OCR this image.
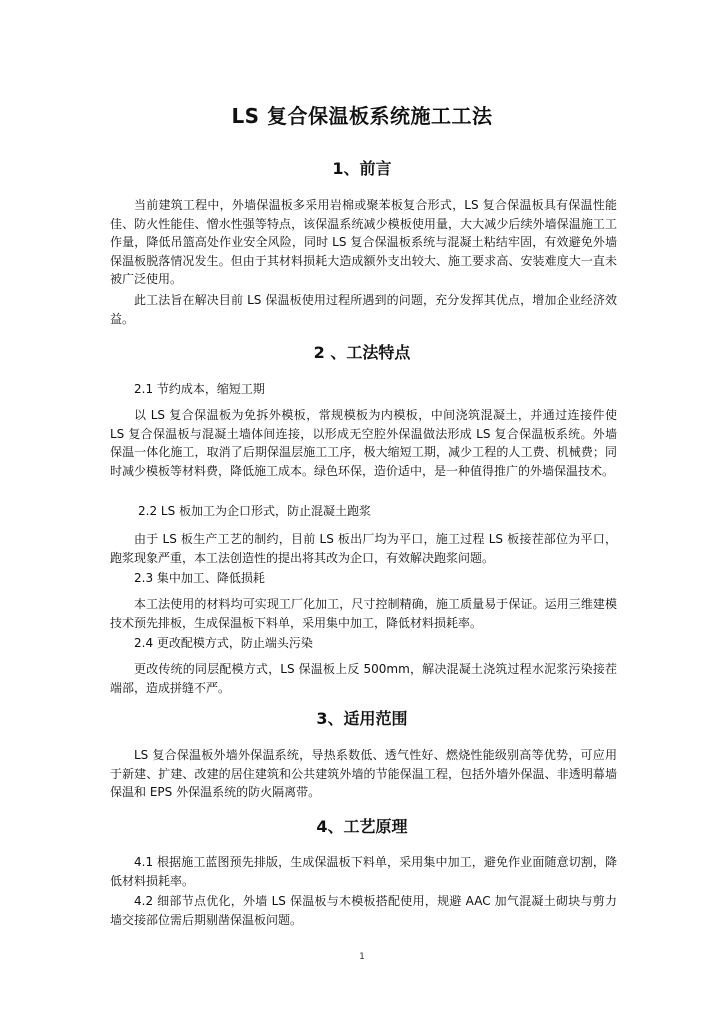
LS 复合保温板系统施工工法
1、前言

当前建筑工程中，外墙保温板多采用岩棉或聚苯板复合形式，LS 复合保温板具有保温性能佳、防火性能佳、憎水性强等特点，该保温系统减少模板使用量，大大减少后续外墙保温施工工作量，降低吊篮高处作业安全风险，同时 LS 复合保温板系统与混凝土粘结牢固，有效避免外墙保温板脱落情况发生。但由于其材料损耗大造成额外支出较大、施工要求高、安装难度大一直未被广泛使用。

此工法旨在解决目前 LS 保温板使用过程所遇到的问题，充分发挥其优点，增加企业经济效益。

2 、工法特点

2.1 节约成本，缩短工期

以 LS 复合保温板为免拆外模板，常规模板为内模板，中间浇筑混凝土，并通过连接件使 LS 复合保温板与混凝土墙体间连接，以形成无空腔外保温做法形成 LS 复合保温板系统。外墙保温一体化施工，取消了后期保温层施工工序，极大缩短工期，减少工程的人工费、机械费；同时减少模板等材料费，降低施工成本。绿色环保，造价适中，是一种值得推广的外墙保温技术。

2.2 LS 板加工为企口形式，防止混凝土跑浆

由于 LS 板生产工艺的制约，目前 LS 板出厂均为平口，施工过程 LS 板接茬部位为平口，跑浆现象严重，本工法创造性的提出将其改为企口，有效解决跑浆问题。

2.3 集中加工、降低损耗

本工法使用的材料均可实现工厂化加工，尺寸控制精确，施工质量易于保证。运用三维建模技术预先排板，生成保温板下料单，采用集中加工，降低材料损耗率。

2.4 更改配模方式，防止端头污染

更改传统的同层配模方式，LS 保温板上反 500mm，解决混凝土浇筑过程水泥浆污染接茬端部，造成拼缝不严。

3、适用范围

LS 复合保温板外墙外保温系统，导热系数低、透气性好、燃烧性能级别高等优势，可应用于新建、扩建、改建的居住建筑和公共建筑外墙的节能保温工程，包括外墙外保温、非透明幕墙保温和 EPS 外保温系统的防火隔离带。

4、工艺原理

4.1 根据施工蓝图预先排版，生成保温板下料单，采用集中加工，避免作业面随意切割，降低材料损耗率。

4.2 细部节点优化，外墙 LS 保温板与木模板搭配使用，规避 AAC 加气混凝土砌块与剪力墙交接部位需后期剔凿保温板问题。

1
